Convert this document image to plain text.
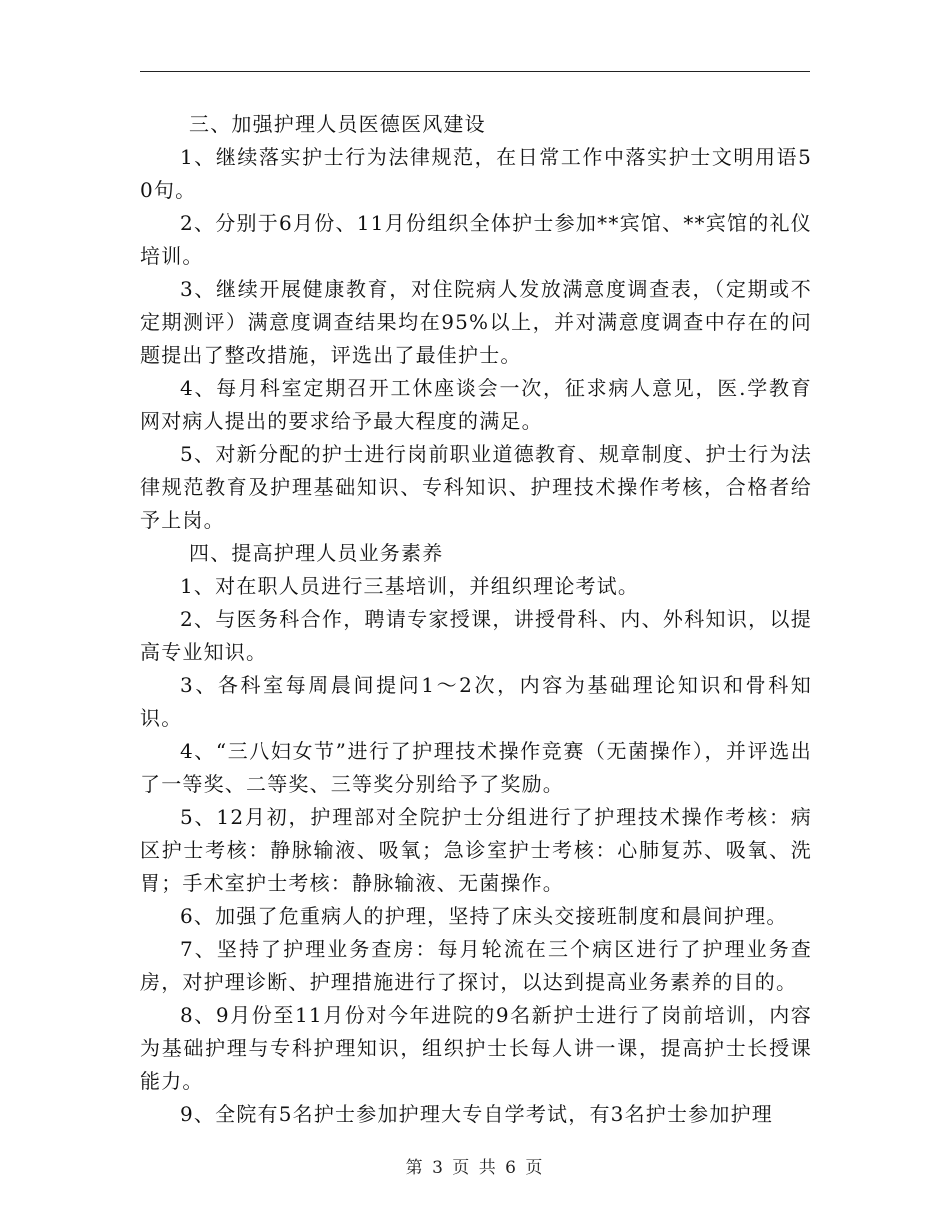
三、加强护理人员医德医风建设

1、继续落实护士行为法律规范，在日常工作中落实护士文明用语50句。

2、分别于6月份、11月份组织全体护士参加**宾馆、**宾馆的礼仪培训。

3、继续开展健康教育，对住院病人发放满意度调查表，（定期或不定期测评）满意度调查结果均在95%以上，并对满意度调查中存在的问题提出了整改措施，评选出了最佳护士。

4、每月科室定期召开工休座谈会一次，征求病人意见，医.学教育网对病人提出的要求给予最大程度的满足。

5、对新分配的护士进行岗前职业道德教育、规章制度、护士行为法律规范教育及护理基础知识、专科知识、护理技术操作考核，合格者给予上岗。

四、提高护理人员业务素养

1、对在职人员进行三基培训，并组织理论考试。

2、与医务科合作，聘请专家授课，讲授骨科、内、外科知识，以提高专业知识。

3、各科室每周晨间提问1～2次，内容为基础理论知识和骨科知识。

4、“三八妇女节”进行了护理技术操作竞赛（无菌操作），并评选出了一等奖、二等奖、三等奖分别给予了奖励。

5、12月初，护理部对全院护士分组进行了护理技术操作考核：病区护士考核：静脉输液、吸氧；急诊室护士考核：心肺复苏、吸氧、洗胃；手术室护士考核：静脉输液、无菌操作。

6、加强了危重病人的护理，坚持了床头交接班制度和晨间护理。

7、坚持了护理业务查房：每月轮流在三个病区进行了护理业务查房，对护理诊断、护理措施进行了探讨，以达到提高业务素养的目的。

8、9月份至11月份对今年进院的9名新护士进行了岗前培训，内容为基础护理与专科护理知识，组织护士长每人讲一课，提高护士长授课能力。

9、全院有5名护士参加护理大专自学考试，有3名护士参加护理

第 3 页 共 6 页
